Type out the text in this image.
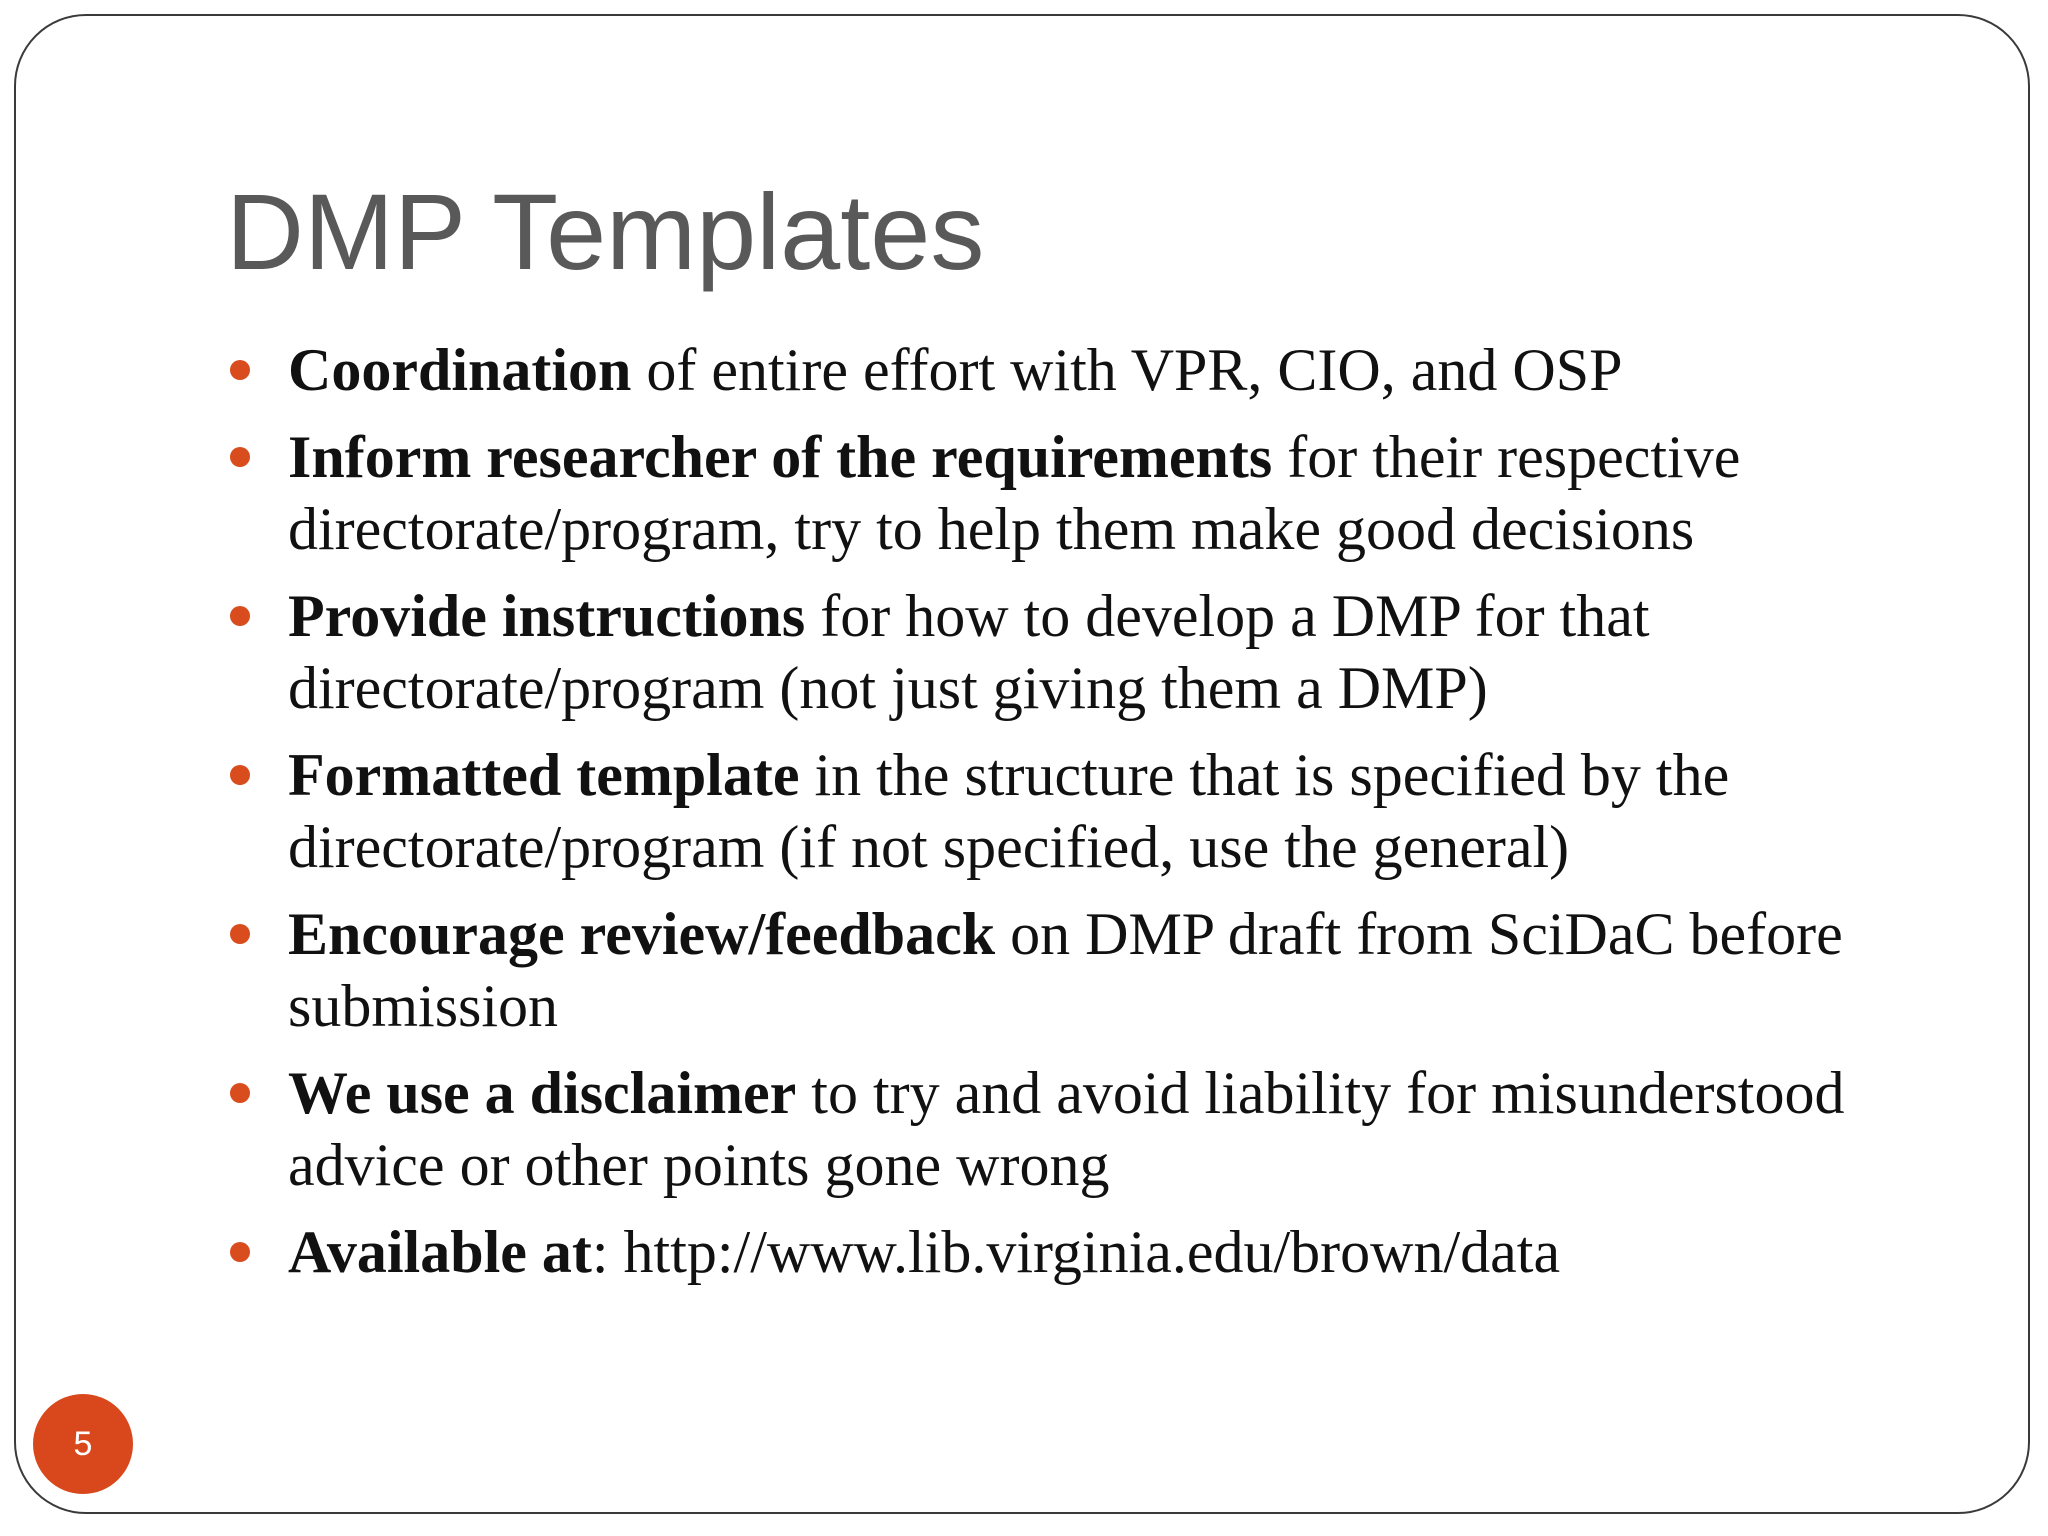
DMP Templates
Coordination of entire effort with VPR, CIO, and OSP
Inform researcher of the requirements for their respective directorate/program, try to help them make good decisions
Provide instructions for how to develop a DMP for that directorate/program (not just giving them a DMP)
Formatted template in the structure that is specified by the directorate/program (if not specified, use the general)
Encourage review/feedback on DMP draft from SciDaC before submission
We use a disclaimer to try and avoid liability for misunderstood advice or other points gone wrong
Available at: http://www.lib.virginia.edu/brown/data
5
